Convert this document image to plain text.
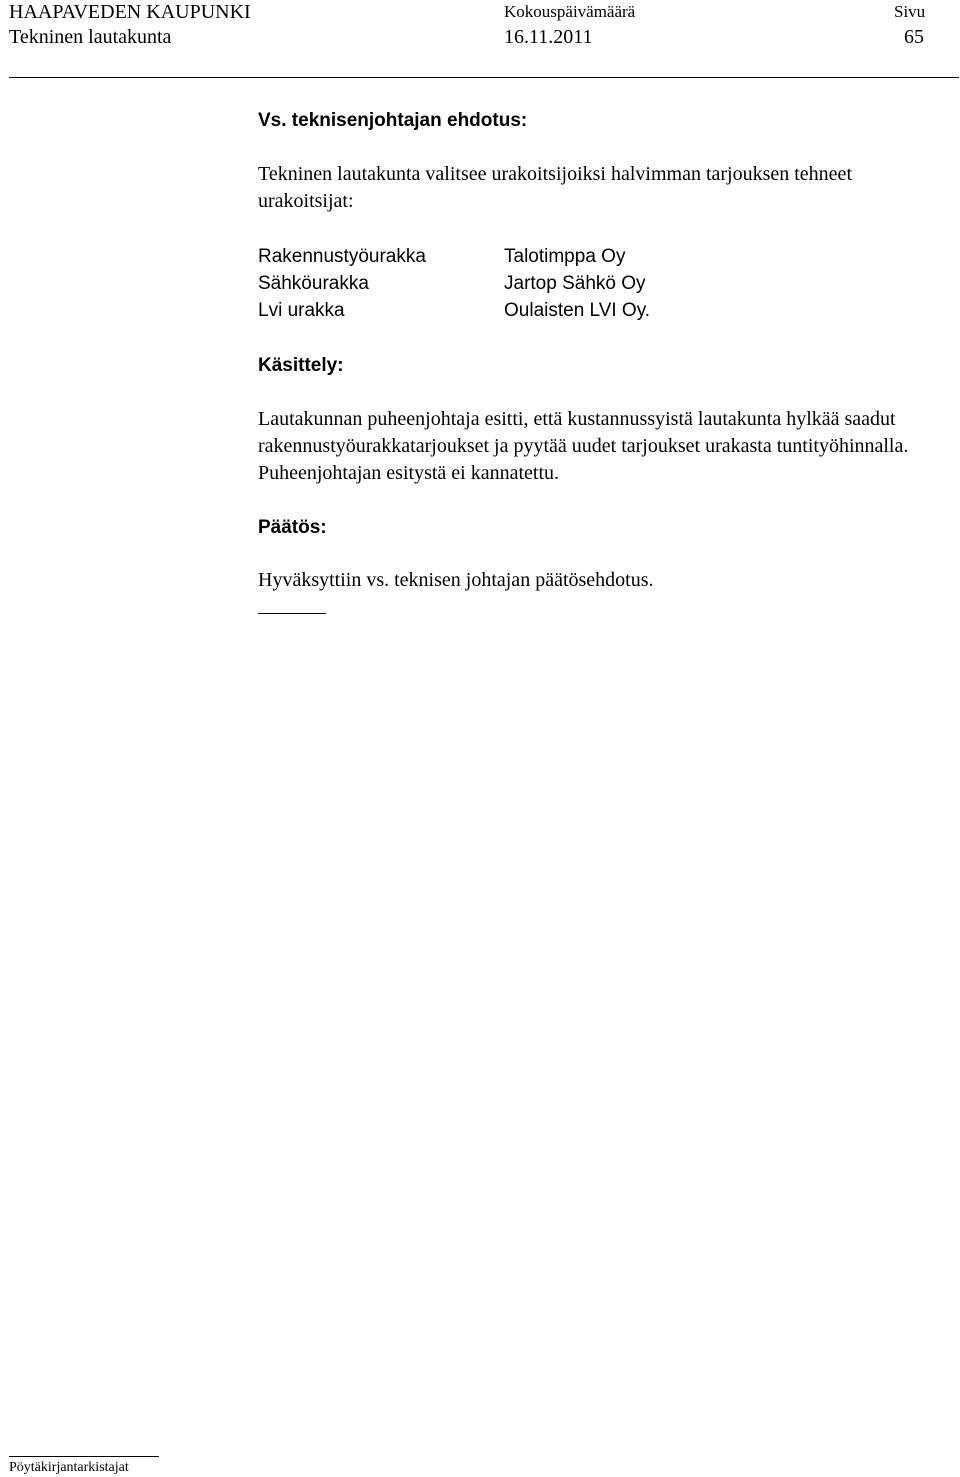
HAAPAVEDEN KAUPUNKI
Tekninen lautakunta
Kokouspäivämäärä
16.11.2011
Sivu
65
Vs. teknisenjohtajan ehdotus:
Tekninen lautakunta valitsee urakoitsijoiksi halvimman tarjouksen tehneet urakoitsijat:
Rakennustyöurakka	Talotimppa Oy
Sähköurakka	Jartop Sähkö Oy
Lvi urakka	Oulaisten LVI Oy.
Käsittely:
Lautakunnan puheenjohtaja esitti, että kustannussyistä lautakunta hylkää saadut rakennustyöurakkatarjoukset ja pyytää uudet tarjoukset urakasta tuntityöhinnalla. Puheenjohtajan esitystä ei kannatettu.
Päätös:
Hyväksyttiin vs. teknisen johtajan päätösehdotus.
Pöytäkirjantarkistajat
